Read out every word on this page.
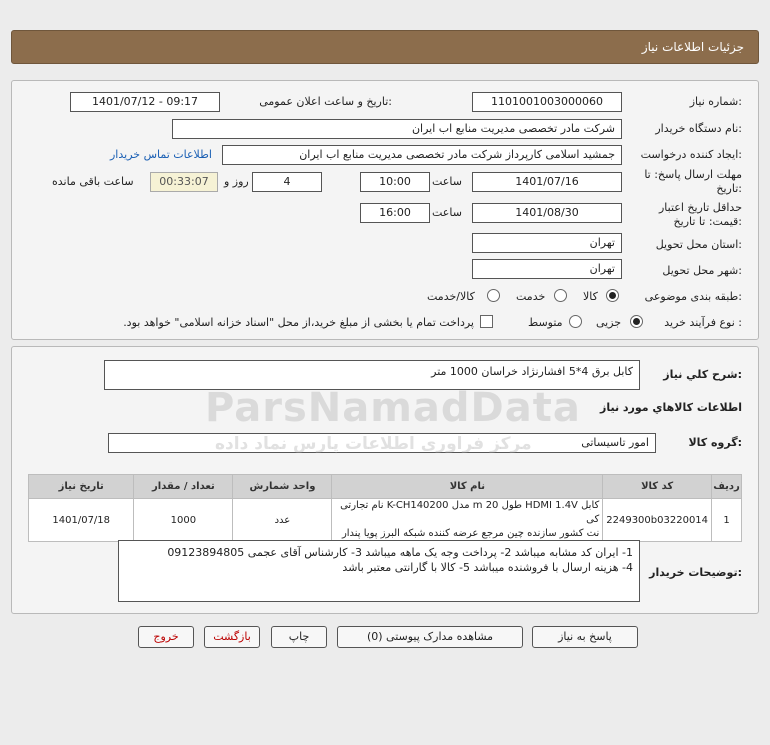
جزئیات اطلاعات نیاز
شماره نیاز:
1101001003000060
تاریخ و ساعت اعلان عمومی:
1401/07/12 - 09:17
نام دستگاه خریدار:
شرکت مادر تخصصی مدیریت منابع اب ایران
ایجاد کننده درخواست:
جمشید اسلامی کارپرداز شرکت مادر تخصصی مدیریت منابع اب ایران
اطلاعات تماس خریدار
مهلت ارسال پاسخ: تا
تاریخ:
1401/07/16
ساعت
10:00
4
روز و
00:33:07
ساعت باقی مانده
حداقل تاریخ اعتبار
قیمت: تا تاریخ:
1401/08/30
ساعت
16:00
استان محل تحویل:
تهران
شهر محل تحویل:
تهران
طبقه بندی موضوعی:
کالا
خدمت
کالا/خدمت
نوع فرآیند خرید :
جزیی
متوسط
پرداخت تمام یا بخشی از مبلغ خرید،از محل "اسناد خزانه اسلامی" خواهد بود.
شرح کلي نياز:
کابل برق 4*5 افشارنژاد خراسان 1000 متر
اطلاعات کالاهاي مورد نياز
گروه کالا:
امور تاسیساتی
ردیف	کد کالا	نام کالا	واحد شمارش	تعداد / مقدار	تاریخ نیاز
1	2249300b03220014	کابل HDMI 1.4V طول 20 m مدل K-CH140200 نام تجارتی کی
نت کشور سازنده چین مرجع عرضه کننده شبکه البرز پویا پندار	عدد	1000	1401/07/18
توضیحات خریدار:
1- ایران کد مشابه میباشد 2- پرداخت وجه یک ماهه میباشد 3- کارشناس آقای عجمی 09123894805
4- هزینه ارسال با فروشنده میباشد 5- کالا با گارانتی معتبر باشد
ParsNamadData
مرکز فراوری اطلاعات پارس نماد داده
پاسخ به نیاز
مشاهده مدارک پیوستی (0)
چاپ
بازگشت
خروج
